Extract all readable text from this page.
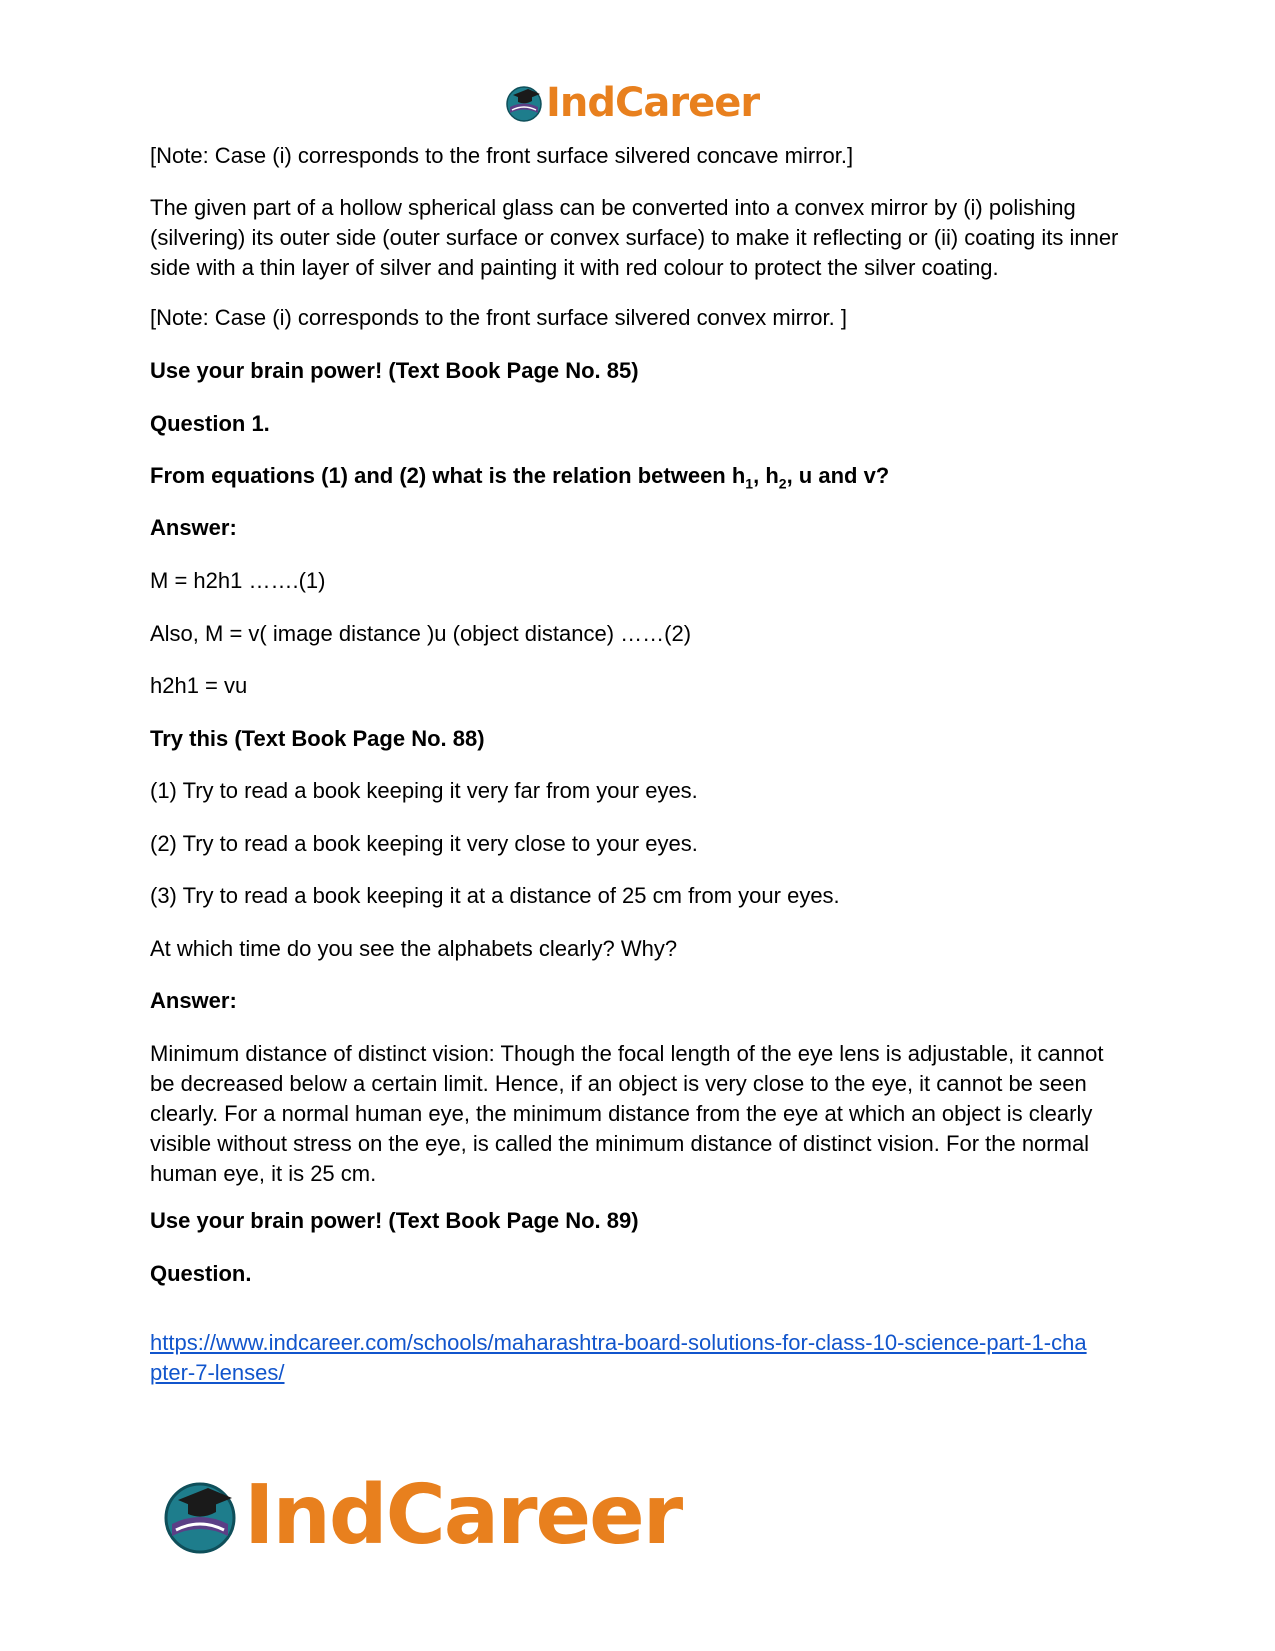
IndCareer

[Note: Case (i) corresponds to the front surface silvered concave mirror.]

The given part of a hollow spherical glass can be converted into a convex mirror by (i) polishing (silvering) its outer side (outer surface or convex surface) to make it reflecting or (ii) coating its inner side with a thin layer of silver and painting it with red colour to protect the silver coating.

[Note: Case (i) corresponds to the front surface silvered convex mirror. ]

Use your brain power! (Text Book Page No. 85)

Question 1.

From equations (1) and (2) what is the relation between $h_1$, $h_2$, u and v?

Answer:

M = h2h1 …….(1)

Also, M = v( image distance )u (object distance) ……(2)

h2h1 = vu

Try this (Text Book Page No. 88)

(1) Try to read a book keeping it very far from your eyes.

(2) Try to read a book keeping it very close to your eyes.

(3) Try to read a book keeping it at a distance of 25 cm from your eyes.

At which time do you see the alphabets clearly? Why?

Answer:

Minimum distance of distinct vision: Though the focal length of the eye lens is adjustable, it cannot be decreased below a certain limit. Hence, if an object is very close to the eye, it cannot be seen clearly. For a normal human eye, the minimum distance from the eye at which an object is clearly visible without stress on the eye, is called the minimum distance of distinct vision. For the normal human eye, it is 25 cm.

Use your brain power! (Text Book Page No. 89)

Question.

https://www.indcareer.com/schools/maharashtra-board-solutions-for-class-10-science-part-1-cha
pter-7-lenses/

IndCareer
